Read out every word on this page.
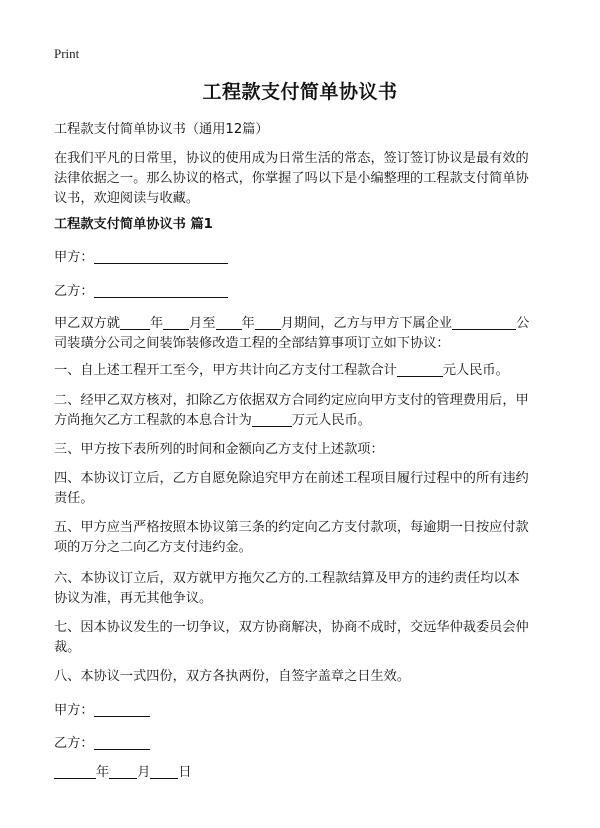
Print
工程款支付简单协议书

工程款支付简单协议书（通用12篇）

在我们平凡的日常里，协议的使用成为日常生活的常态，签订签订协议是最有效的

法律依据之一。那么协议的格式，你掌握了吗以下是小编整理的工程款支付简单协

议书，欢迎阅读与收藏。

工程款支付简单协议书 篇1

甲方：

乙方：

甲乙双方就 年 月至 年 月期间，乙方与甲方下属企业	公

司装璜分公司之间装饰装修改造工程的全部结算事项订立如下协议：

一、自上述工程开工至今，甲方共计向乙方支付工程款合计	元人民币。

二、经甲乙双方核对，扣除乙方依据双方合同约定应向甲方支付的管理费用后，甲

方尚拖欠乙方工程款的本息合计为	万元人民币。

三、甲方按下表所列的时间和金额向乙方支付上述款项：

四、本协议订立后，乙方自愿免除追究甲方在前述工程项目履行过程中的所有违约

责任。

五、甲方应当严格按照本协议第三条的约定向乙方支付款项，每逾期一日按应付款

项的万分之二向乙方支付违约金。

六、本协议订立后，双方就甲方拖欠乙方的.工程款结算及甲方的违约责任均以本

协议为准，再无其他争议。

七、因本协议发生的一切争议，双方协商解决，协商不成时，交远华仲裁委员会仲

裁。

八、本协议一式四份，双方各执两份，自签字盖章之日生效。

甲方：

乙方：

年 月 日
